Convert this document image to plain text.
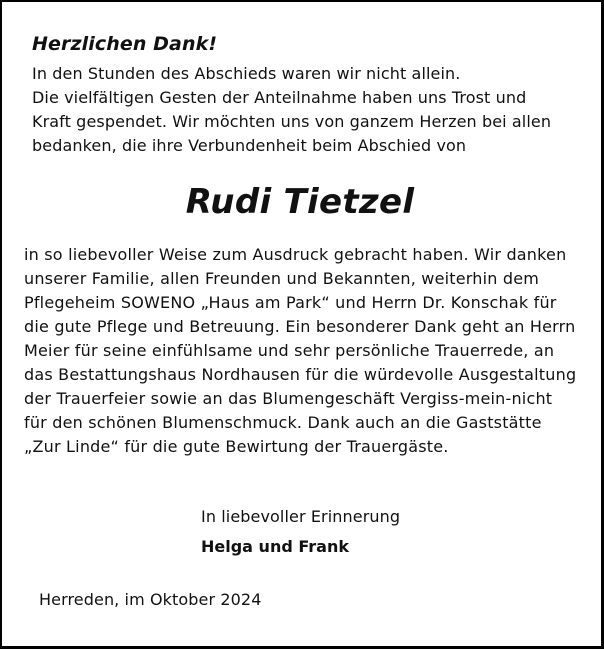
Herzlichen Dank!
In den Stunden des Abschieds waren wir nicht allein.
Die vielfältigen Gesten der Anteilnahme haben uns Trost und
Kraft gespendet. Wir möchten uns von ganzem Herzen bei allen
bedanken, die ihre Verbundenheit beim Abschied von
Rudi Tietzel
in so liebevoller Weise zum Ausdruck gebracht haben. Wir danken
unserer Familie, allen Freunden und Bekannten, weiterhin dem
Pflegeheim SOWENO „Haus am Park“ und Herrn Dr. Konschak für
die gute Pflege und Betreuung. Ein besonderer Dank geht an Herrn
Meier für seine einfühlsame und sehr persönliche Trauerrede, an
das Bestattungshaus Nordhausen für die würdevolle Ausgestaltung
der Trauerfeier sowie an das Blumengeschäft Vergiss-mein-nicht
für den schönen Blumenschmuck. Dank auch an die Gaststätte
„Zur Linde“ für die gute Bewirtung der Trauergäste.
In liebevoller Erinnerung
Helga und Frank
Herreden, im Oktober 2024
